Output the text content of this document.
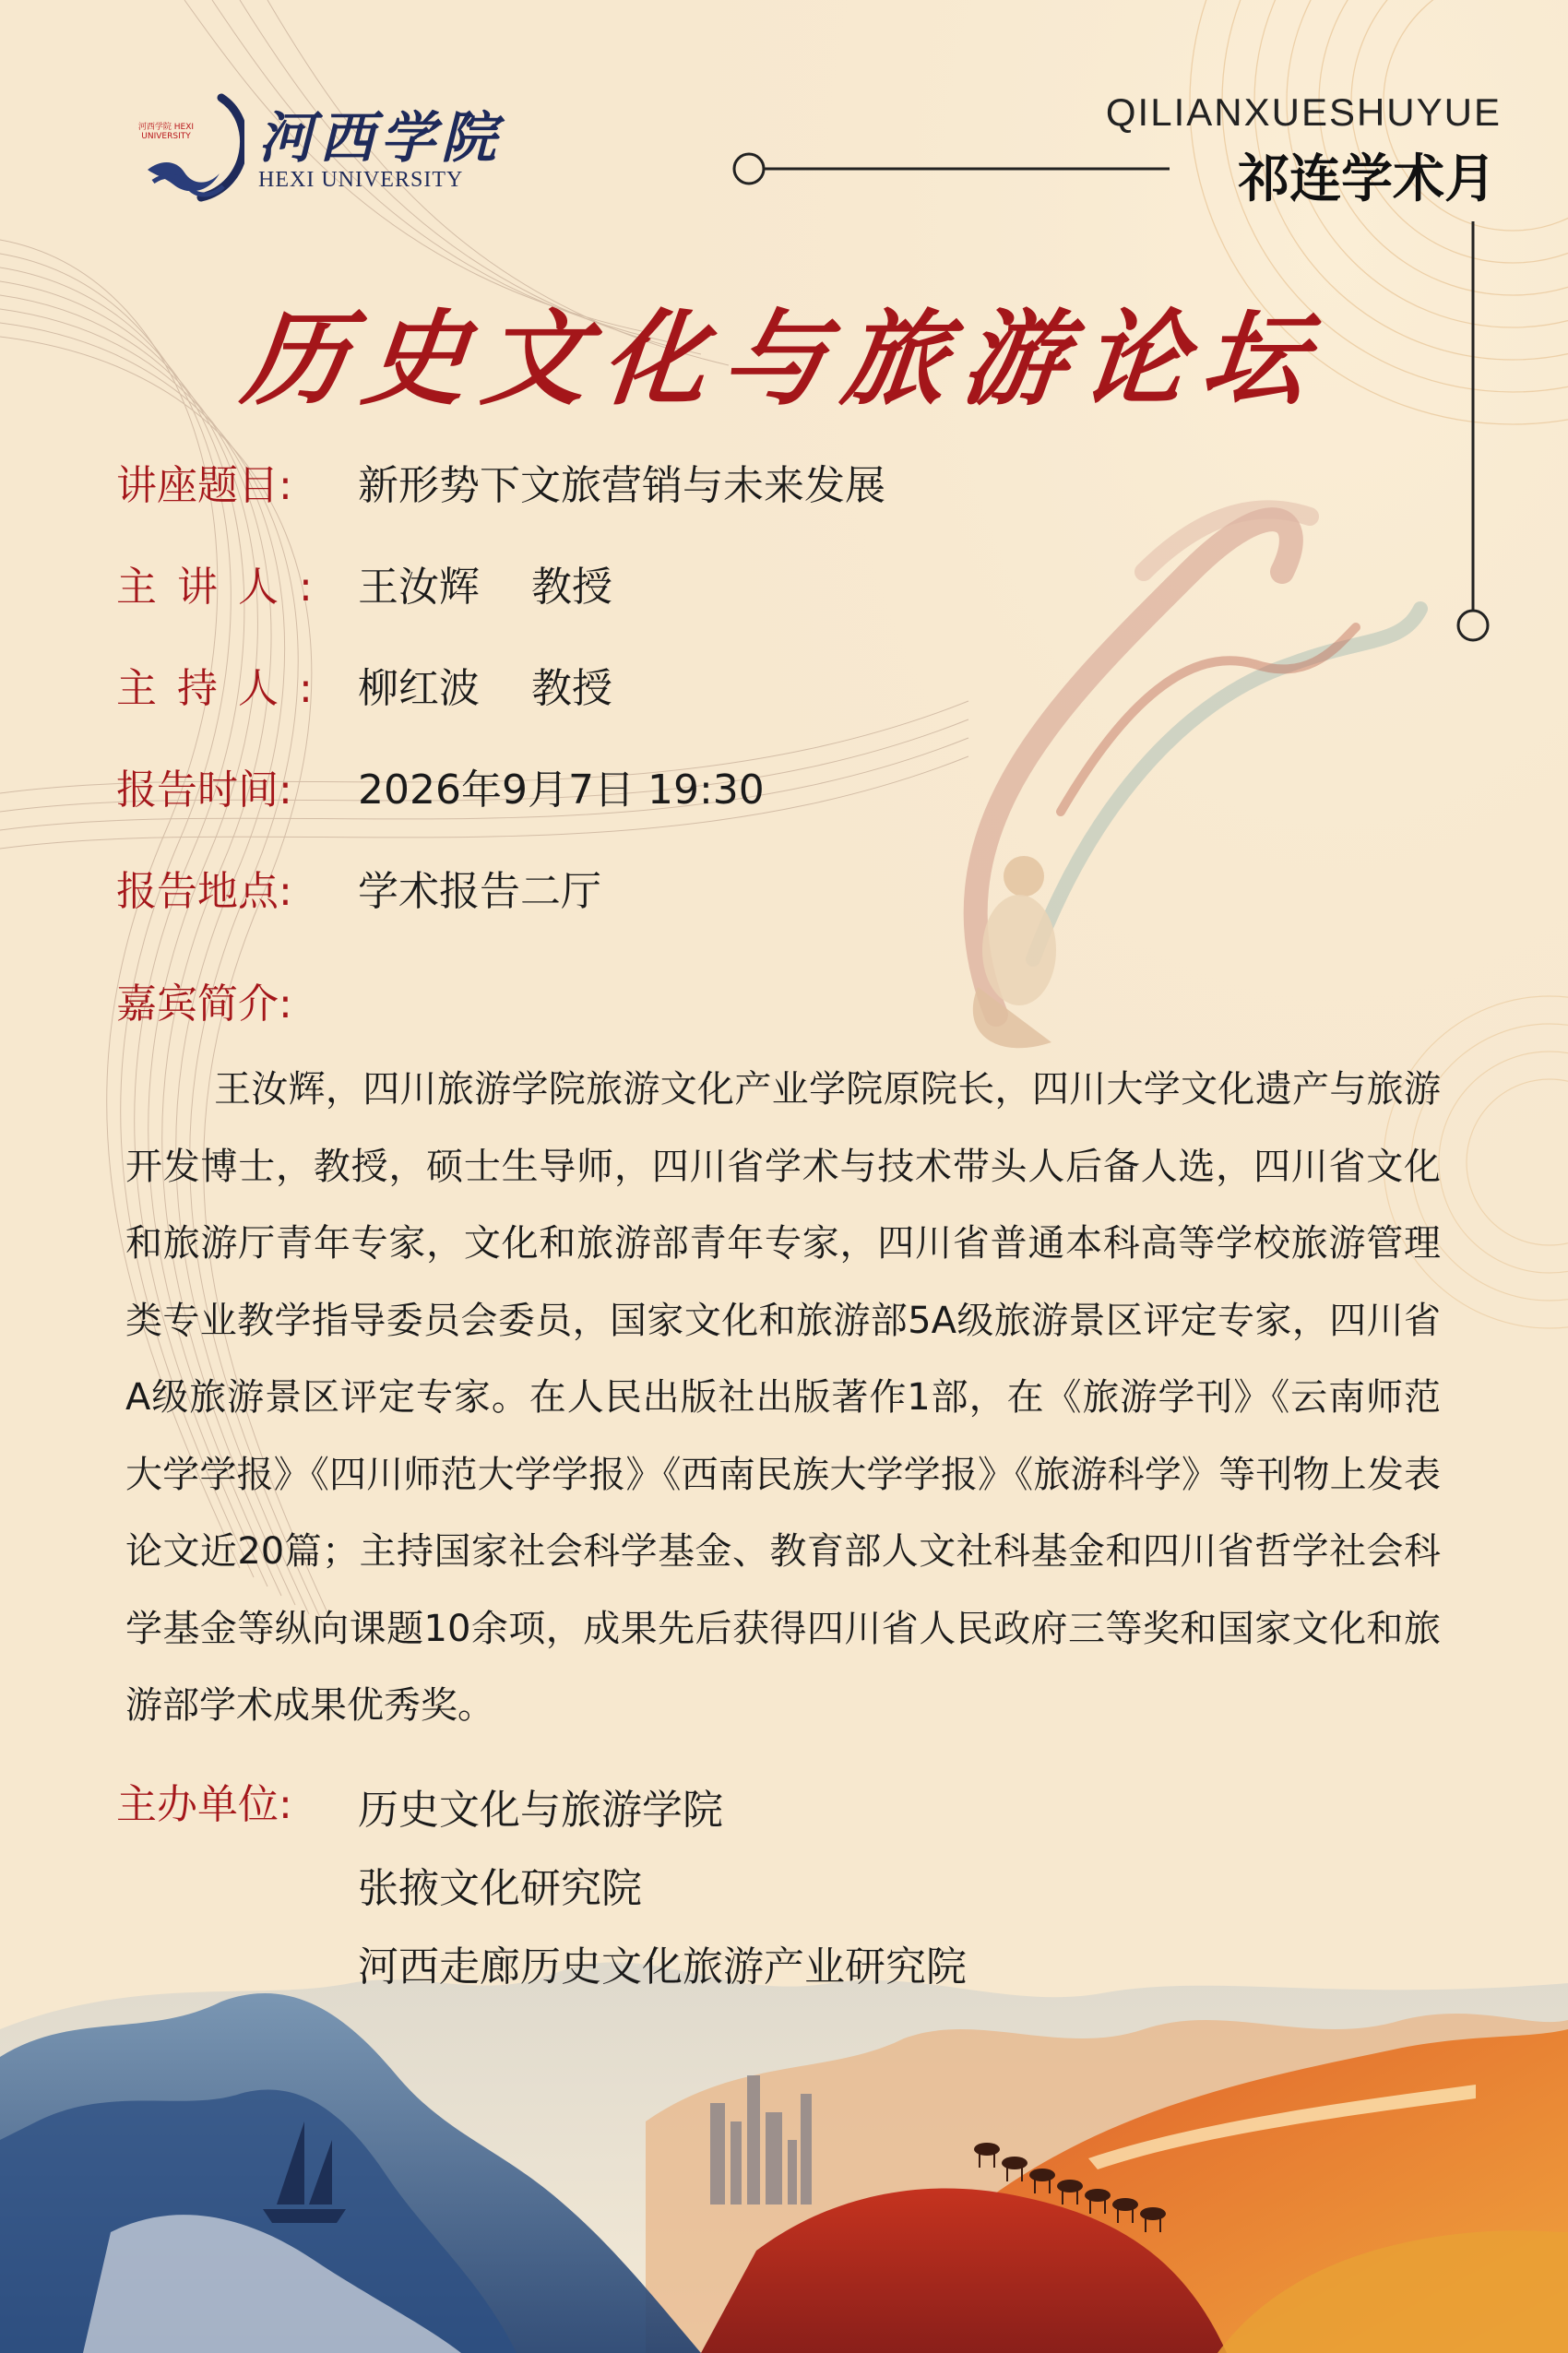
河西学院 HEXI UNIVERSITY	河西学院
HEXI UNIVERSITY
QILIANXUESHUYUE
祁连学术月
历史文化与旅游论坛
讲座题目: 新形势下文旅营销与未来发展
主讲人: 王汝辉 教授
主持人: 柳红波 教授
报告时间: 2026年9月7日 19:30
报告地点: 学术报告二厅
嘉宾简介:
王汝辉，四川旅游学院旅游文化产业学院原院长，四川大学文化遗产与旅游开发博士，教授，硕士生导师，四川省学术与技术带头人后备人选，四川省文化和旅游厅青年专家，文化和旅游部青年专家，四川省普通本科高等学校旅游管理类专业教学指导委员会委员，国家文化和旅游部5A级旅游景区评定专家，四川省A级旅游景区评定专家。在人民出版社出版著作1部，在《旅游学刊》《云南师范大学学报》《四川师范大学学报》《西南民族大学学报》《旅游科学》等刊物上发表论文近20篇；主持国家社会科学基金、教育部人文社科基金和四川省哲学社会科学基金等纵向课题10余项，成果先后获得四川省人民政府三等奖和国家文化和旅游部学术成果优秀奖。
主办单位: 历史文化与旅游学院
张掖文化研究院
河西走廊历史文化旅游产业研究院
